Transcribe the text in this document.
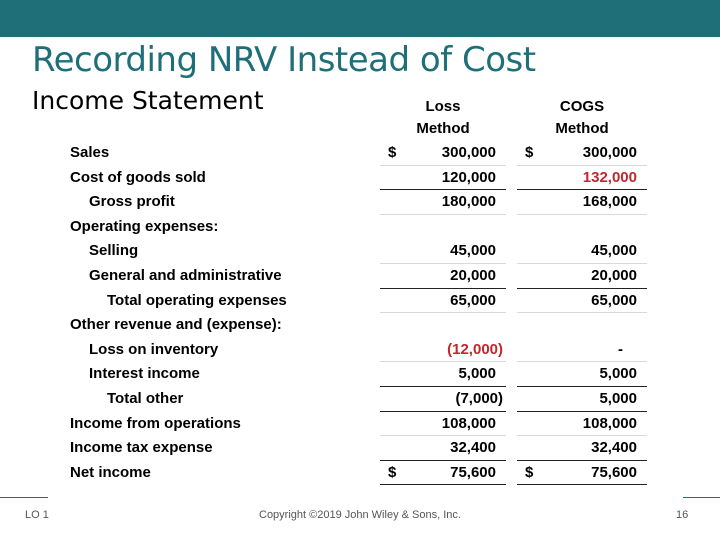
Recording NRV Instead of Cost
Income Statement	Loss
Method
COGS
Method
Sales	$	300,000 $	300,000
Cost of goods sold	120,000	132,000
Gross profit	180,000	168,000
Operating expenses:
Selling	45,000	45,000
General and administrative	20,000	20,000
Total operating expenses	65,000	65,000
Other revenue and (expense):
Loss on inventory	(12,000)	-
Interest income	5,000	5,000
Total other	(7,000)	5,000
Income from operations	108,000	108,000
Income tax expense	32,400	32,400
Net income	$	75,600 $	75,600
LO 1	Copyright ©2019 John Wiley & Sons, Inc.	16
